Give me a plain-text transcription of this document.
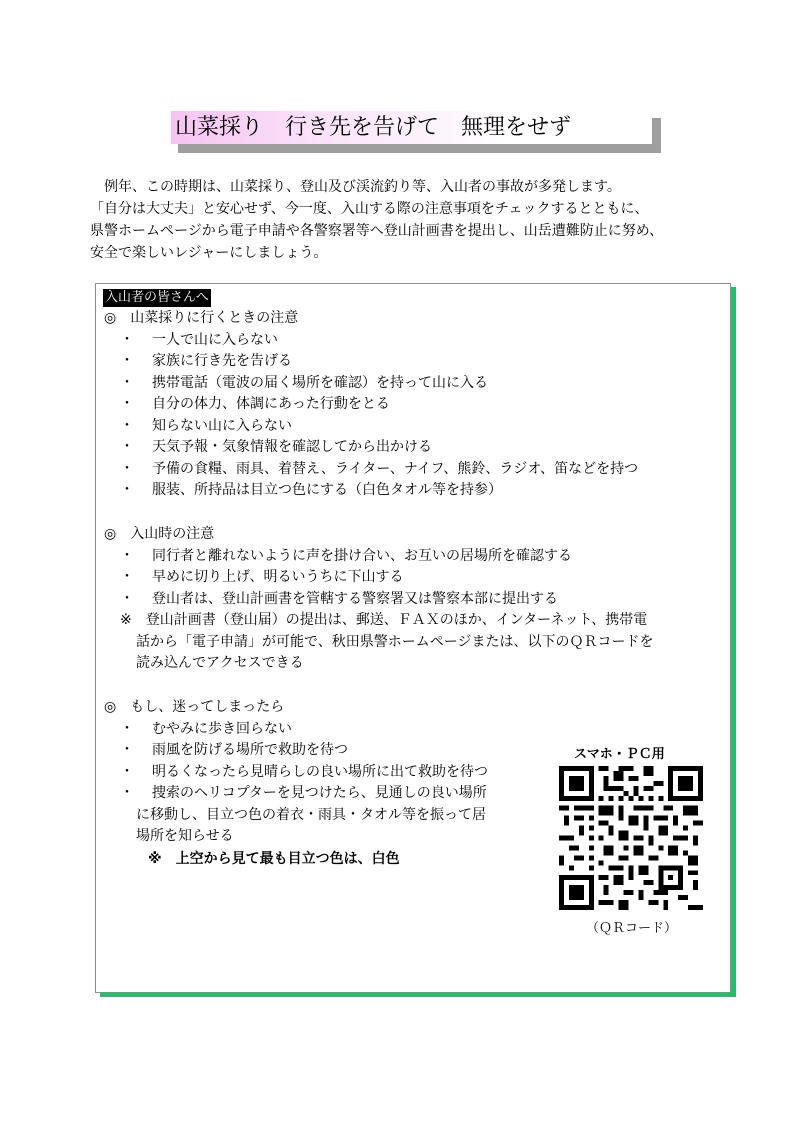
山菜採り　行き先を告げて　無理をせず

　例年、この時期は、山菜採り、登山及び渓流釣り等、入山者の事故が多発します。

「自分は大丈夫」と安心せず、今一度、入山する際の注意事項をチェックするとともに、

県警ホームページから電子申請や各警察署等へ登山計画書を提出し、山岳遭難防止に努め、

安全で楽しいレジャーにしましょう。

入山者の皆さんへ
◎　山菜採りに行くときの注意
・ 一人で山に入らない
・ 家族に行き先を告げる
・ 携帯電話（電波の届く場所を確認）を持って山に入る
・ 自分の体力、体調にあった行動をとる
・ 知らない山に入らない
・ 天気予報・気象情報を確認してから出かける
・ 予備の食糧、雨具、着替え、ライター、ナイフ、熊鈴、ラジオ、笛などを持つ
・ 服装、所持品は目立つ色にする（白色タオル等を持参）
◎　入山時の注意
・ 同行者と離れないように声を掛け合い、お互いの居場所を確認する
・ 早めに切り上げ、明るいうちに下山する
・ 登山者は、登山計画書を管轄する警察署又は警察本部に提出する
※　登山計画書（登山届）の提出は、郵送、ＦＡＸのほか、インターネット、携帯電
話から「電子申請」が可能で、秋田県警ホームページまたは、以下のＱＲコードを
読み込んでアクセスできる
◎　もし、迷ってしまったら
・ むやみに歩き回らない
・ 雨風を防げる場所で救助を待つ
・ 明るくなったら見晴らしの良い場所に出て救助を待つ
・ 捜索のヘリコプターを見つけたら、見通しの良い場所
に移動し、目立つ色の着衣・雨具・タオル等を振って居
場所を知らせる
※　上空から見て最も目立つ色は、白色
スマホ・ＰＣ用
（ＱＲコード）
